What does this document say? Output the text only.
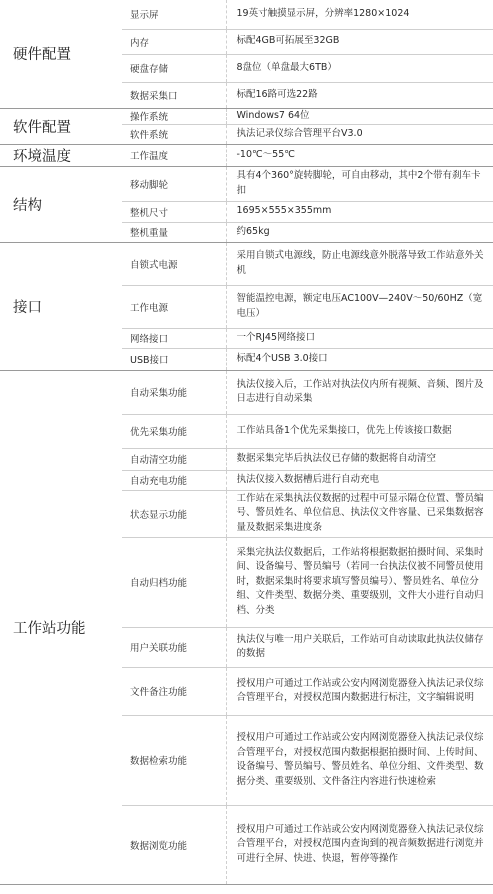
硬件配置	显示屏	19英寸触摸显示屏，分辨率1280×1024
	内存	标配4GB可拓展至32GB
	硬盘存储	8盘位（单盘最大6TB）
	数据采集口	标配16路可选22路
软件配置	操作系统	Windows7 64位
	软件系统	执法记录仪综合管理平台V3.0
环境温度	工作温度	-10℃～55℃
结构	移动脚轮	具有4个360°旋转脚轮，可自由移动，其中2个带有刹车卡扣
	整机尺寸	1695×555×355mm
	整机重量	约65kg
接口	自锁式电源	采用自锁式电源线，防止电源线意外脱落导致工作站意外关机
	工作电源	智能温控电源，额定电压AC100V—240V～50/60HZ（宽电压）
	网络接口	一个RJ45网络接口
	USB接口	标配4个USB 3.0接口
工作站功能	自动采集功能	执法仪接入后，工作站对执法仪内所有视频、音频、图片及日志进行自动采集
	优先采集功能	工作站具备1个优先采集接口，优先上传该接口数据
	自动清空功能	数据采集完毕后执法仪已存储的数据将自动清空
	自动充电功能	执法仪接入数据槽后进行自动充电
	状态显示功能	工作站在采集执法仪数据的过程中可显示隔仓位置、警员编号、警员姓名、单位信息、执法仪文件容量、已采集数据容量及数据采集进度条
	自动归档功能	采集完执法仪数据后，工作站将根据数据拍摄时间、采集时间、设备编号、警员编号（若同一台执法仪被不同警员使用时，数据采集时将要求填写警员编号）、警员姓名、单位分组、文件类型、数据分类、重要级别，文件大小进行自动归档、分类
	用户关联功能	执法仪与唯一用户关联后，工作站可自动读取此执法仪储存的数据
	文件备注功能	授权用户可通过工作站或公安内网浏览器登入执法记录仪综合管理平台，对授权范围内数据进行标注，文字编辑说明
	数据检索功能	授权用户可通过工作站或公安内网浏览器登入执法记录仪综合管理平台，对授权范围内数据根据拍摄时间、上传时间、设备编号、警员编号、警员姓名、单位分组、文件类型、数据分类、重要级别、文件备注内容进行快速检索
	数据浏览功能	授权用户可通过工作站或公安内网浏览器登入执法记录仪综合管理平台，对授权范围内查询到的视音频数据进行浏览并可进行全屏、快进、快退，暂停等操作
